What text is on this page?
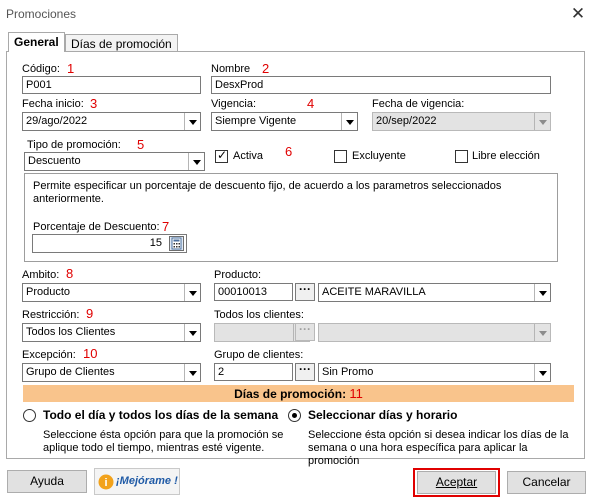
Promociones	✕
General	Días de promoción
Código: 1
P001
Nombre 2
DesxProd
Fecha inicio: 3
29/ago/2022
Vigencia:	4
Siempre Vigente
Fecha de vigencia:
20/sep/2022
Tipo de promoción: 5
Descuento
✓	Activa 6	Excluyente	Libre elección
Permite especificar un porcentaje de descuento fijo, de acuerdo a los parametros seleccionados anteriormente.
Porcentaje de Descuento: 7
15
Ambito: 8
Producto
Producto:
00010013	···	ACEITE MARAVILLA
Restricción: 9
Todos los Clientes
Todos los clientes:
···
Excepción: 10
Grupo de Clientes
Grupo de clientes:
2	···	Sin Promo
Días de promoción: 11
Todo el día y todos los días de la semana
Seleccione ésta opción para que la promoción se aplique todo el tiempo, mientras esté vigente.
Seleccionar días y horario
Seleccione ésta opción si desea indicar los días de la semana o una hora específica para aplicar la promoción
Ayuda	i ¡Mejórame !	Aceptar	Cancelar
